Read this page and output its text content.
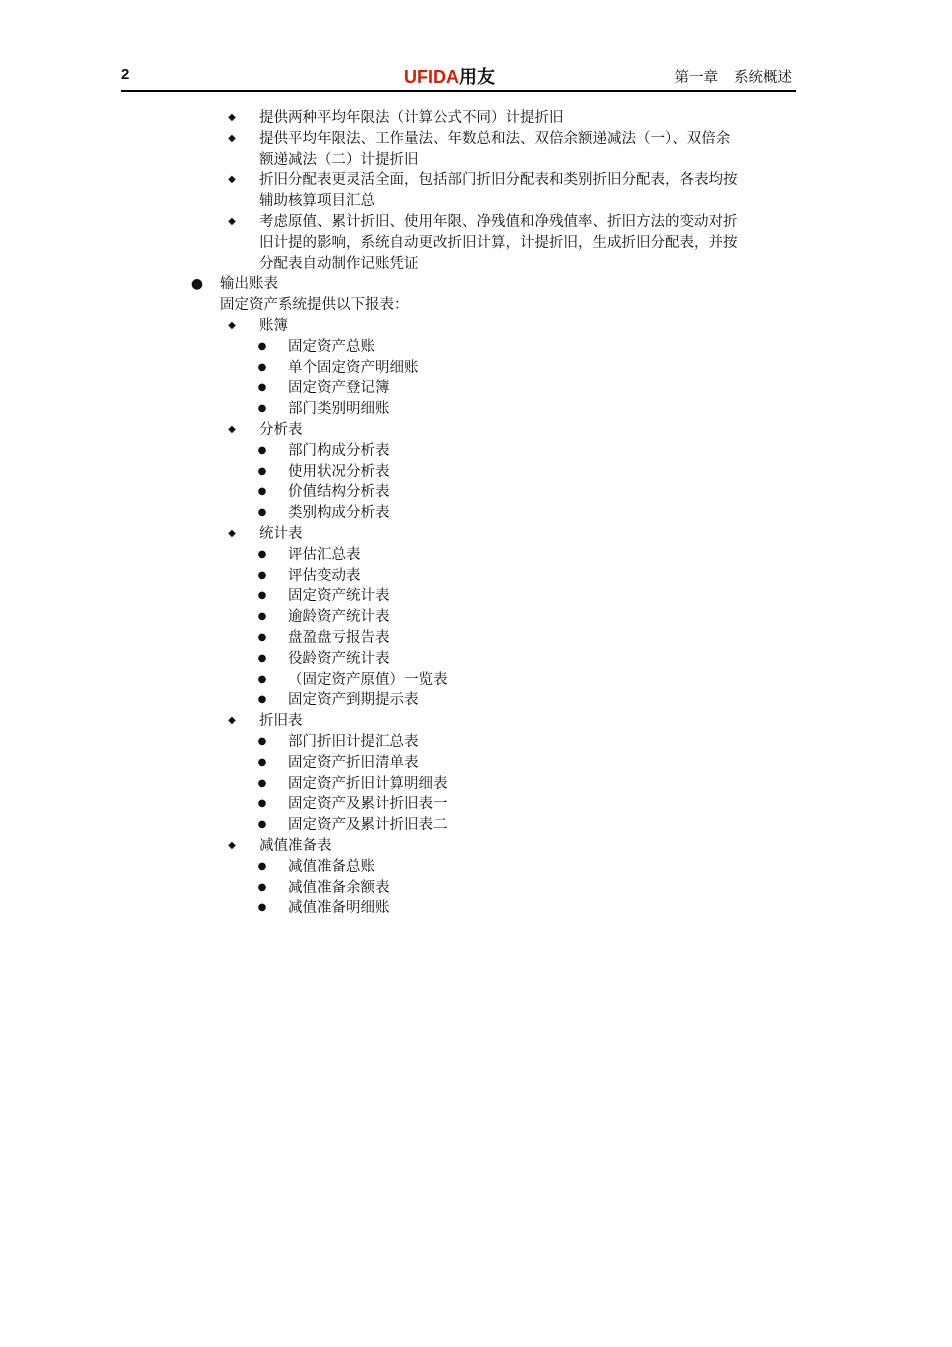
2	UFIDA用友	第一章 系统概述
◆ 提供两种平均年限法（计算公式不同）计提折旧
◆ 提供平均年限法、工作量法、年数总和法、双倍余额递减法（一）、双倍余
额递减法（二）计提折旧
◆ 折旧分配表更灵活全面，包括部门折旧分配表和类别折旧分配表，各表均按
辅助核算项目汇总
◆ 考虑原值、累计折旧、使用年限、净残值和净残值率、折旧方法的变动对折
旧计提的影响，系统自动更改折旧计算，计提折旧，生成折旧分配表，并按
分配表自动制作记账凭证
● 输出账表
固定资产系统提供以下报表：
◆ 账簿
● 固定资产总账
● 单个固定资产明细账
● 固定资产登记簿
● 部门类别明细账
◆ 分析表
● 部门构成分析表
● 使用状况分析表
● 价值结构分析表
● 类别构成分析表
◆ 统计表
● 评估汇总表
● 评估变动表
● 固定资产统计表
● 逾龄资产统计表
● 盘盈盘亏报告表
● 役龄资产统计表
● （固定资产原值）一览表
● 固定资产到期提示表
◆ 折旧表
● 部门折旧计提汇总表
● 固定资产折旧清单表
● 固定资产折旧计算明细表
● 固定资产及累计折旧表一
● 固定资产及累计折旧表二
◆ 减值准备表
● 减值准备总账
● 减值准备余额表
● 减值准备明细账
